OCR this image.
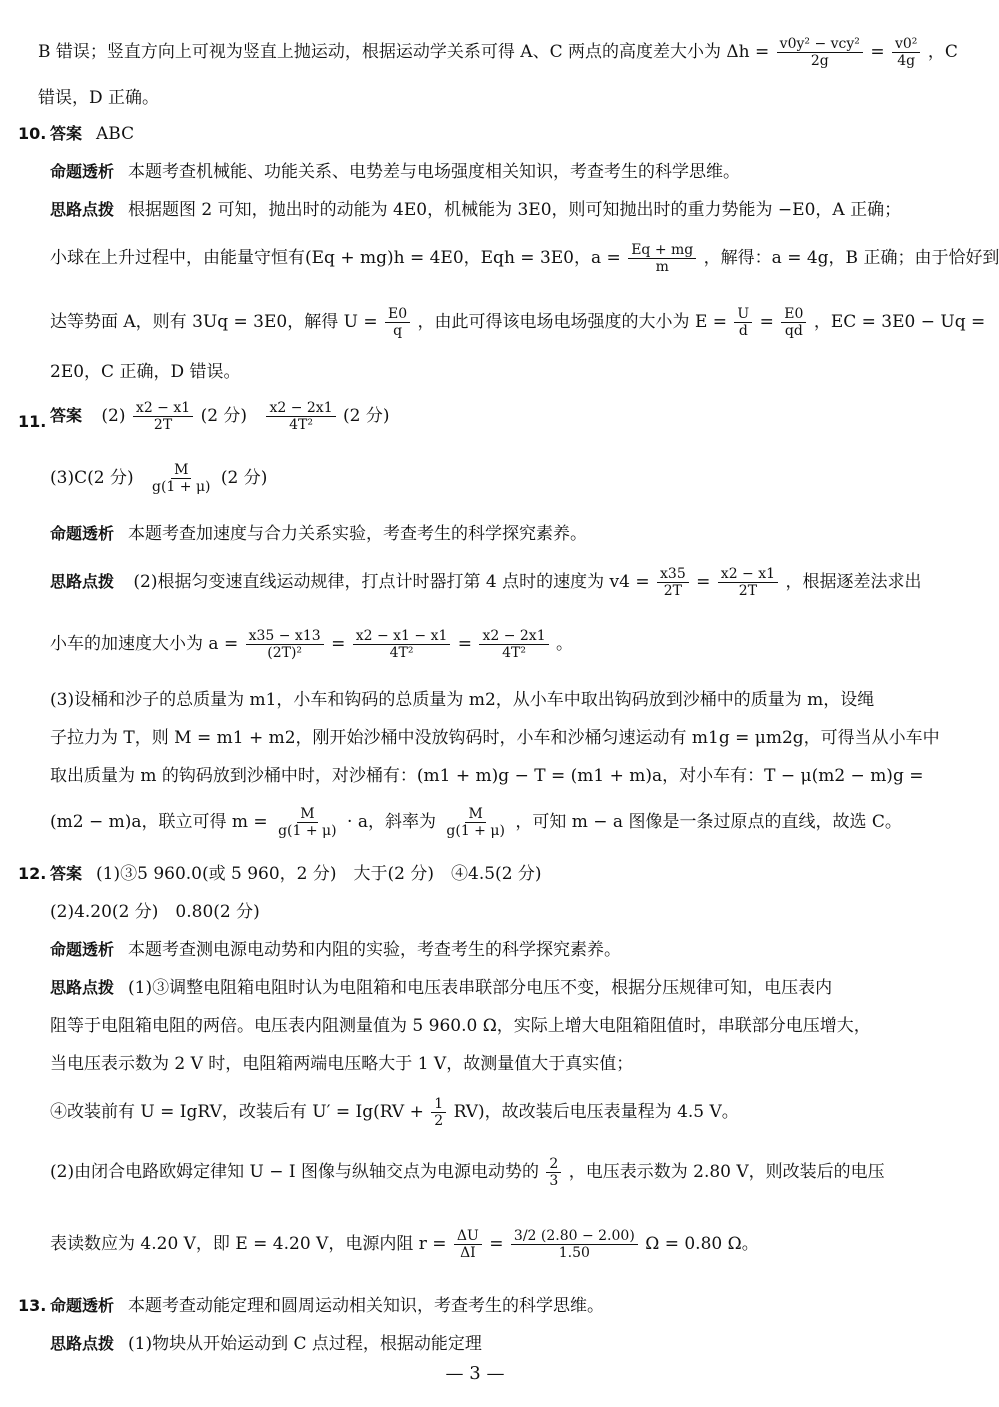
B 错误；竖直方向上可视为竖直上抛运动，根据运动学关系可得 A、C 两点的高度差大小为 $\Delta h = \frac{\text{v0y² − vcy²}}{2g} = \frac{\text{v0²}}{4g}$ ，C
错误，D 正确。
10. 答案 ABC
命题透析 本题考查机械能、功能关系、电势差与电场强度相关知识，考查考生的科学思维。
思路点拨 根据题图 2 可知，抛出时的动能为 4E0，机械能为 3E0，则可知抛出时的重力势能为 −E0，A 正确；
小球在上升过程中，由能量守恒有(Eq + mg)h = 4E0，Eqh = 3E0，$a = \frac{Eq + mg}{m}$ ，解得：a = 4g，B 正确；由于恰好到
达等势面 A，则有 3Uq = 3E0，解得 $U = \frac{E0}{q}$ ，由此可得该电场电场强度的大小为 $E = \frac{U}{d} = \frac{E0}{qd}$ ，EC = 3E0 − Uq =
2E0，C 正确，D 错误。
11. 答案 $(2) \frac{x2 - x1}{2T} (2$ 分) $\frac{x2 - 2x1}{\text{4T²}} (2$ 分)
(3)C(2 分) $\frac{M}{g(1 + \mu)} (2$ 分)
命题透析 本题考查加速度与合力关系实验，考查考生的科学探究素养。
思路点拨 (2)根据匀变速直线运动规律，打点计时器打第 4 点时的速度为 $v4 = \frac{x35}{2T} = \frac{x2 - x1}{2T}$ ，根据逐差法求出
小车的加速度大小为 $a = \frac{x35 - x13}{\text{(2T)²}} = \frac{x2 - x1 - x1}{\text{4T²}} = \frac{x2 - 2x1}{\text{4T²}}$ 。
(3)设桶和沙子的总质量为 m1，小车和钩码的总质量为 m2，从小车中取出钩码放到沙桶中的质量为 m，设绳
子拉力为 T，则 M = m1 + m2，刚开始沙桶中没放钩码时，小车和沙桶匀速运动有 m1g = μm2g，可得当从小车中
取出质量为 m 的钩码放到沙桶中时，对沙桶有：(m1 + m)g − T = (m1 + m)a，对小车有：T − μ(m2 − m)g =
(m2 − m)a，联立可得 $m = \frac{M}{g(1 + \mu)} \cdot a$，斜率为 $\frac{M}{g(1 + \mu)}$ ，可知 m − a 图像是一条过原点的直线，故选 C。
12. 答案 (1)③5 960.0(或 5 960，2 分)　大于(2 分)　④4.5(2 分)
(2)4.20(2 分)　0.80(2 分)
命题透析 本题考查测电源电动势和内阻的实验，考查考生的科学探究素养。
思路点拨 (1)③调整电阻箱电阻时认为电阻箱和电压表串联部分电压不变，根据分压规律可知，电压表内
阻等于电阻箱电阻的两倍。电压表内阻测量值为 5 960.0 Ω，实际上增大电阻箱阻值时，串联部分电压增大，
当电压表示数为 2 V 时，电阻箱两端电压略大于 1 V，故测量值大于真实值；
④改装前有 U = IgRV，改装后有 $U' = Ig(RV + \frac{1}{2} RV)$，故改装后电压表量程为 4.5 V。
(2)由闭合电路欧姆定律知 U − I 图像与纵轴交点为电源电动势的 $\frac{2}{3}$ ，电压表示数为 2.80 V，则改装后的电压
表读数应为 4.20 V，即 E = 4.20 V，电源内阻 $r = \frac{\Delta U}{\Delta I} = \frac{3/2 (2.80 - 2.00)}{1.50}$ Ω = 0.80 Ω。
13. 命题透析 本题考查动能定理和圆周运动相关知识，考查考生的科学思维。
思路点拨 (1)物块从开始运动到 C 点过程，根据动能定理
— 3 —
